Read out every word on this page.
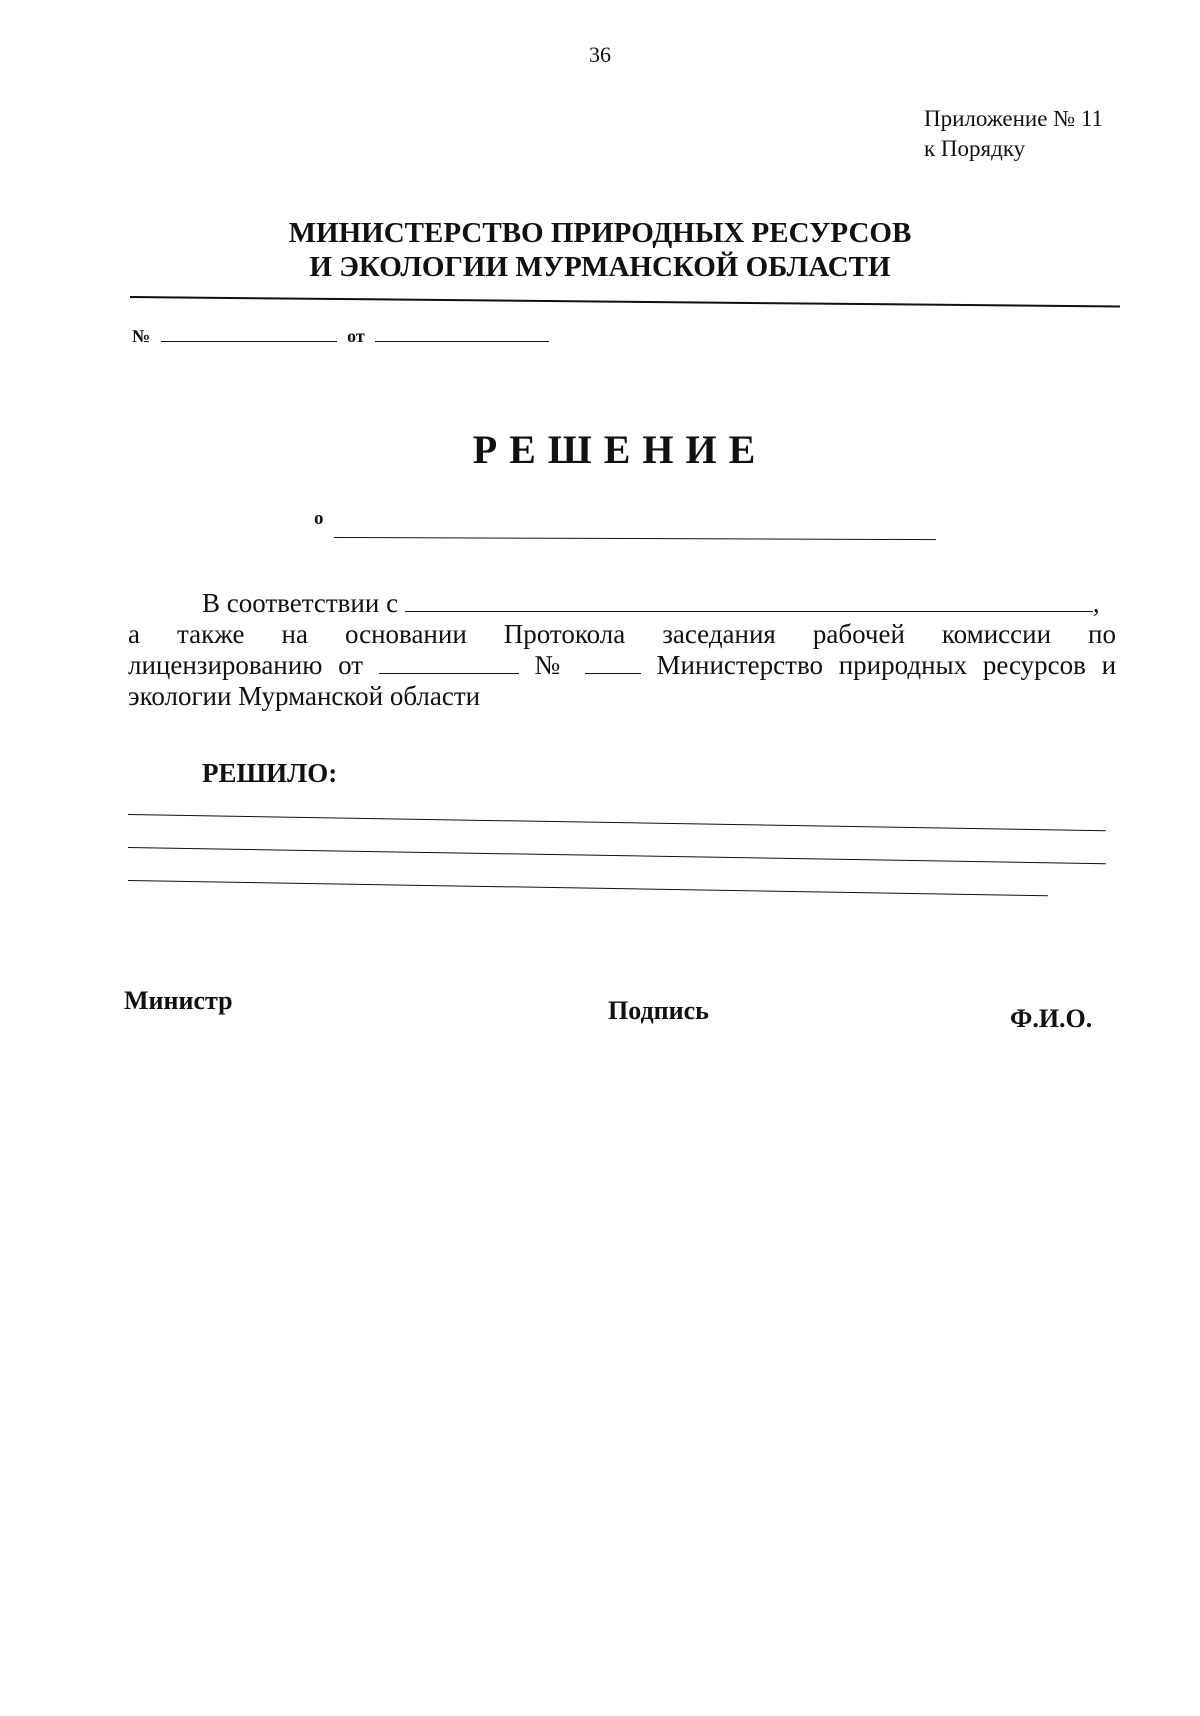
36
Приложение № 11
к Порядку
МИНИСТЕРСТВО ПРИРОДНЫХ РЕСУРСОВ
И ЭКОЛОГИИ МУРМАНСКОЙ ОБЛАСТИ
№	от
РЕШЕНИЕ
о

В соответствии с	,

а также на основании Протокола заседания рабочей комиссии по

лицензированию от	№	Министерство природных ресурсов и

экологии Мурманской области

РЕШИЛО:
Министр	Подпись	Ф.И.О.
